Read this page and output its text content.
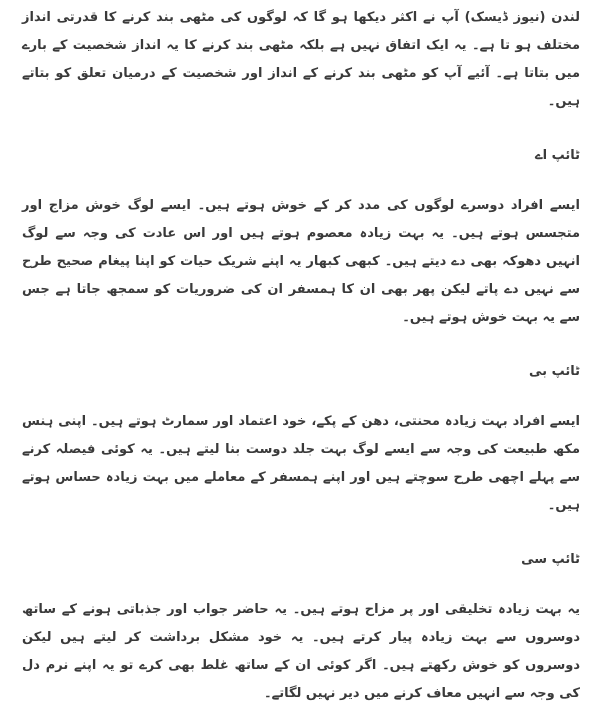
لندن (نیوز ڈیسک) آپ نے اکثر دیکھا ہو گا کہ لوگوں کی مٹھی بند کرنے کا قدرتی انداز مختلف ہو تا ہے۔ یہ ایک اتفاق نہیں ہے بلکہ مٹھی بند کرنے کا یہ انداز شخصیت کے بارے میں بتاتا ہے۔ آئیے آپ کو مٹھی بند کرنے کے انداز اور شخصیت کے درمیان تعلق کو بتاتے ہیں۔

ٹائپ اے

ایسے افراد دوسرے لوگوں کی مدد کر کے خوش ہوتے ہیں۔ ایسے لوگ خوش مزاج اور متجسس ہوتے ہیں۔ یہ بہت زیادہ معصوم ہوتے ہیں اور اس عادت کی وجہ سے لوگ انہیں دھوکہ بھی دے دیتے ہیں۔ کبھی کبھار یہ اپنے شریک حیات کو اپنا پیغام صحیح طرح سے نہیں دے پاتے لیکن پھر بھی ان کا ہمسفر ان کی ضروریات کو سمجھ جاتا ہے جس سے یہ بہت خوش ہوتے ہیں۔

ٹائپ بی

ایسے افراد بہت زیادہ محنتی، دھن کے پکے، خود اعتماد اور سمارٹ ہوتے ہیں۔ اپنی ہنس مکھ طبیعت کی وجہ سے ایسے لوگ بہت جلد دوست بنا لیتے ہیں۔ یہ کوئی فیصلہ کرنے سے پہلے اچھی طرح سوچتے ہیں اور اپنے ہمسفر کے معاملے میں بہت زیادہ حساس ہوتے ہیں۔

ٹائپ سی

یہ بہت زیادہ تخلیقی اور پر مزاح ہوتے ہیں۔ یہ حاضر جواب اور جذباتی ہونے کے ساتھ دوسروں سے بہت زیادہ پیار کرتے ہیں۔ یہ خود مشکل برداشت کر لیتے ہیں لیکن دوسروں کو خوش رکھتے ہیں۔ اگر کوئی ان کے ساتھ غلط بھی کرے تو یہ اپنے نرم دل کی وجہ سے انہیں معاف کرنے میں دیر نہیں لگاتے۔
